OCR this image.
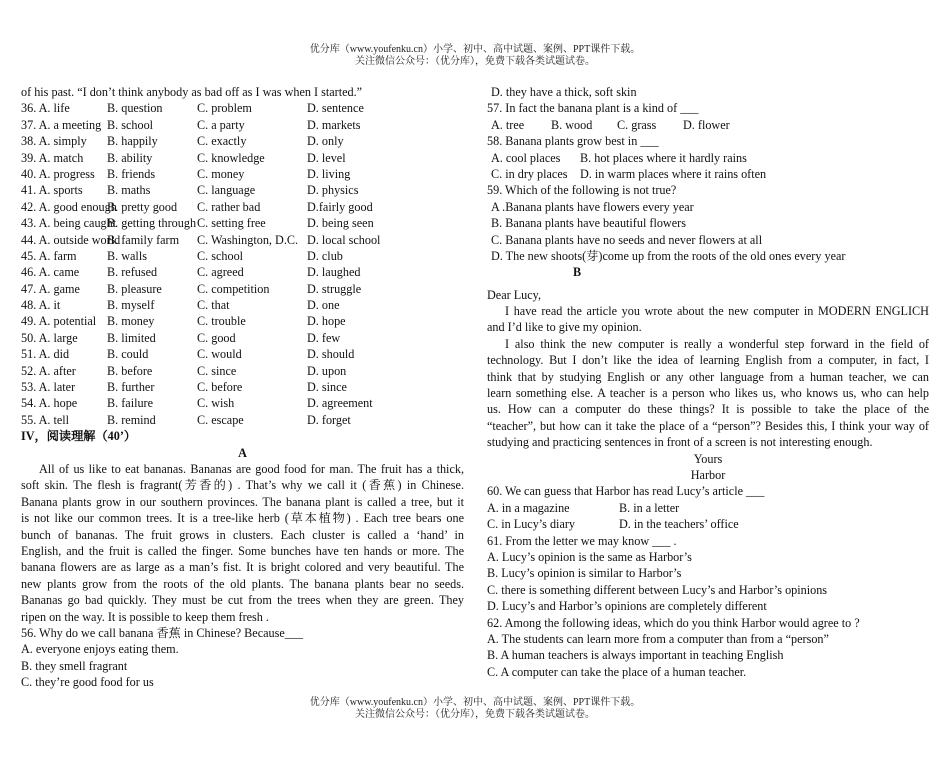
优分库（www.youfenku.cn）小学、初中、高中试题、案例、PPT课件下载。
关注微信公众号：（优分库），免费下载各类试题试卷。
of his past. “I don’t think anybody as bad off as I was when I started.”
36. A. life	B. question	C. problem	D. sentence
37. A. a meeting B. school	C. a party	D. markets
38. A. simply B. happily	C. exactly	D. only
39. A. match B. ability	C. knowledge	D. level
40. A. progress B. friends	C. money	D. living
41. A. sports B. maths	C. language	D. physics
42. A. good enoughB. pretty good C. rather bad	D.fairly good
43. A. being caughtB. getting throughC. setting free	D. being seen
44. A. outside worldB. family farm C. Washington, D.C. D. local school
45. A. farm B. walls	C. school	D. club
46. A. came B. refused	C. agreed	D. laughed
47. A. game B. pleasure	C. competition	D. struggle
48. A. it	B. myself	C. that	D. one
49. A. potential B. money	C. trouble	D. hope
50. A. large B. limited	C. good	D. few
51. A. did	B. could	C. would	D. should
52. A. after	B. before	C. since	D. upon
53. A. later	B. further	C. before	D. since
54. A. hope B. failure	C. wish	D. agreement
55. A. tell	B. remind	C. escape	D. forget
IV，阅读理解（40’）
A
All of us like to eat bananas. Bananas are good food for man. The fruit has a thick,
soft skin. The flesh is fragrant(芳香的) . That’s why we call it (香蕉) in Chinese.
Banana plants grow in our southern provinces. The banana plant is called a tree, but it
is not like our common trees. It is a tree-like herb (草本植物) . Each tree bears one
bunch of bananas. The fruit grows in clusters. Each cluster is called a ‘hand’ in
English, and the fruit is called the finger. Some bunches have ten hands or more. The
banana flowers are as large as a man’s fist. It is bright colored and very beautiful. The
new plants grow from the roots of the old plants. The banana plants bear no seeds.
Bananas go bad quickly. They must be cut from the trees when they are green. They
ripen on the way. It is possible to keep them fresh .
56. Why do we call banana 香蕉 in Chinese? Because___
A. everyone enjoys eating them.
B. they smell fragrant
C. they’re good food for us
D. they have a thick, soft skin
57. In fact the banana plant is a kind of ___
A. tree B. wood C. grass D. flower
58. Banana plants grow best in ___
A. cool places B. hot places where it hardly rains
C. in dry places D. in warm places where it rains often
59. Which of the following is not true?
A .Banana plants have flowers every year
B. Banana plants have beautiful flowers
C. Banana plants have no seeds and never flowers at all
D. The new shoots(芽)come up from the roots of the old ones every year
B
Dear Lucy,
I have read the article you wrote about the new computer in MODERN ENGLICH
and I’d like to give my opinion.
I also think the new computer is really a wonderful step forward in the field of
technology. But I don’t like the idea of learning English from a computer, in fact, I
think that by studying English or any other language from a human teacher, we can
learn something else. A teacher is a person who likes us, who knows us, who can help
us. How can a computer do these things? It is possible to take the place of the
“teacher”, but how can it take the place of a “person”? Besides this, I think your way of
studying and practicing sentences in front of a screen is not interesting enough.
Yours
Harbor
60. We can guess that Harbor has read Lucy’s article ___
A. in a magazine	B. in a letter
C. in Lucy’s diary	D. in the teachers’ office
61. From the letter we may know ___ .
A. Lucy’s opinion is the same as Harbor’s
B. Lucy’s opinion is similar to Harbor’s
C. there is something different between Lucy’s and Harbor’s opinions
D. Lucy’s and Harbor’s opinions are completely different
62. Among the following ideas, which do you think Harbor would agree to ?
A. The students can learn more from a computer than from a “person”
B. A human teachers is always important in teaching English
C. A computer can take the place of a human teacher.
优分库（www.youfenku.cn）小学、初中、高中试题、案例、PPT课件下载。
关注微信公众号：（优分库），免费下载各类试题试卷。
